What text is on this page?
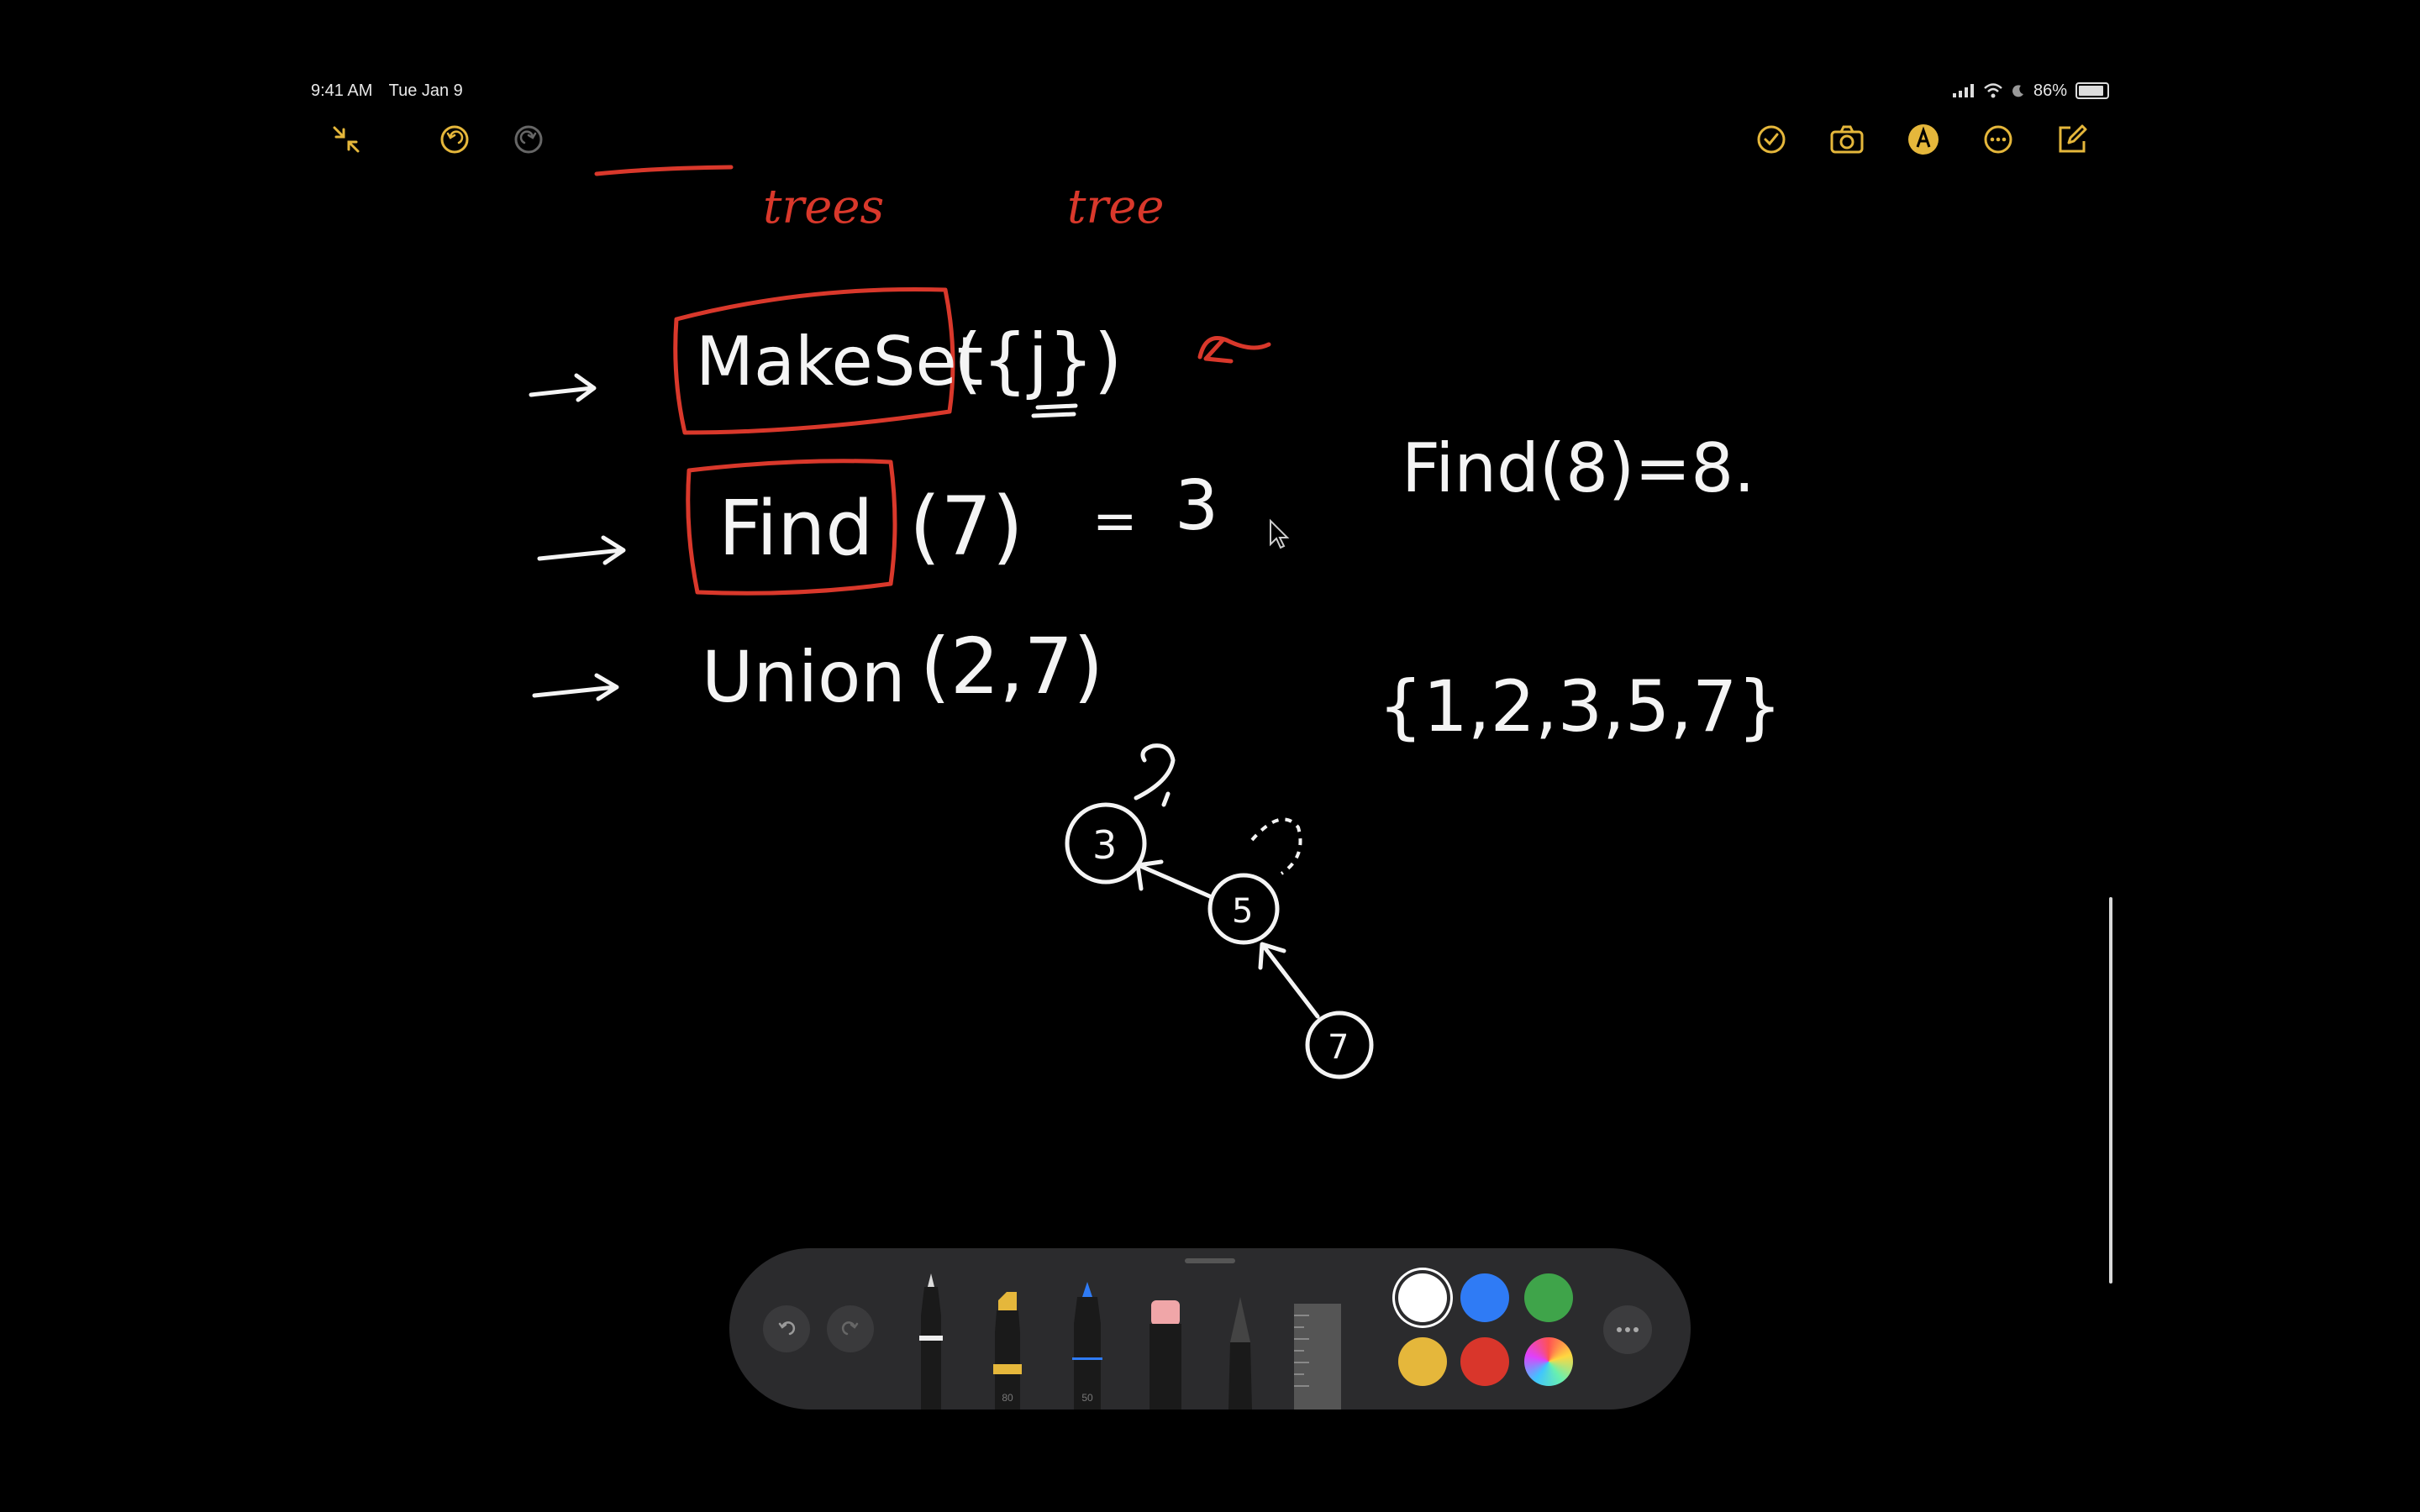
9:41 AM Tue Jan 9	86%
trees	tree
MakeSet
({j})
Find (7) = 3
Union (2,7)
Find(8)=8.
{1,2,3,5,7}
3
5
7
80	50
